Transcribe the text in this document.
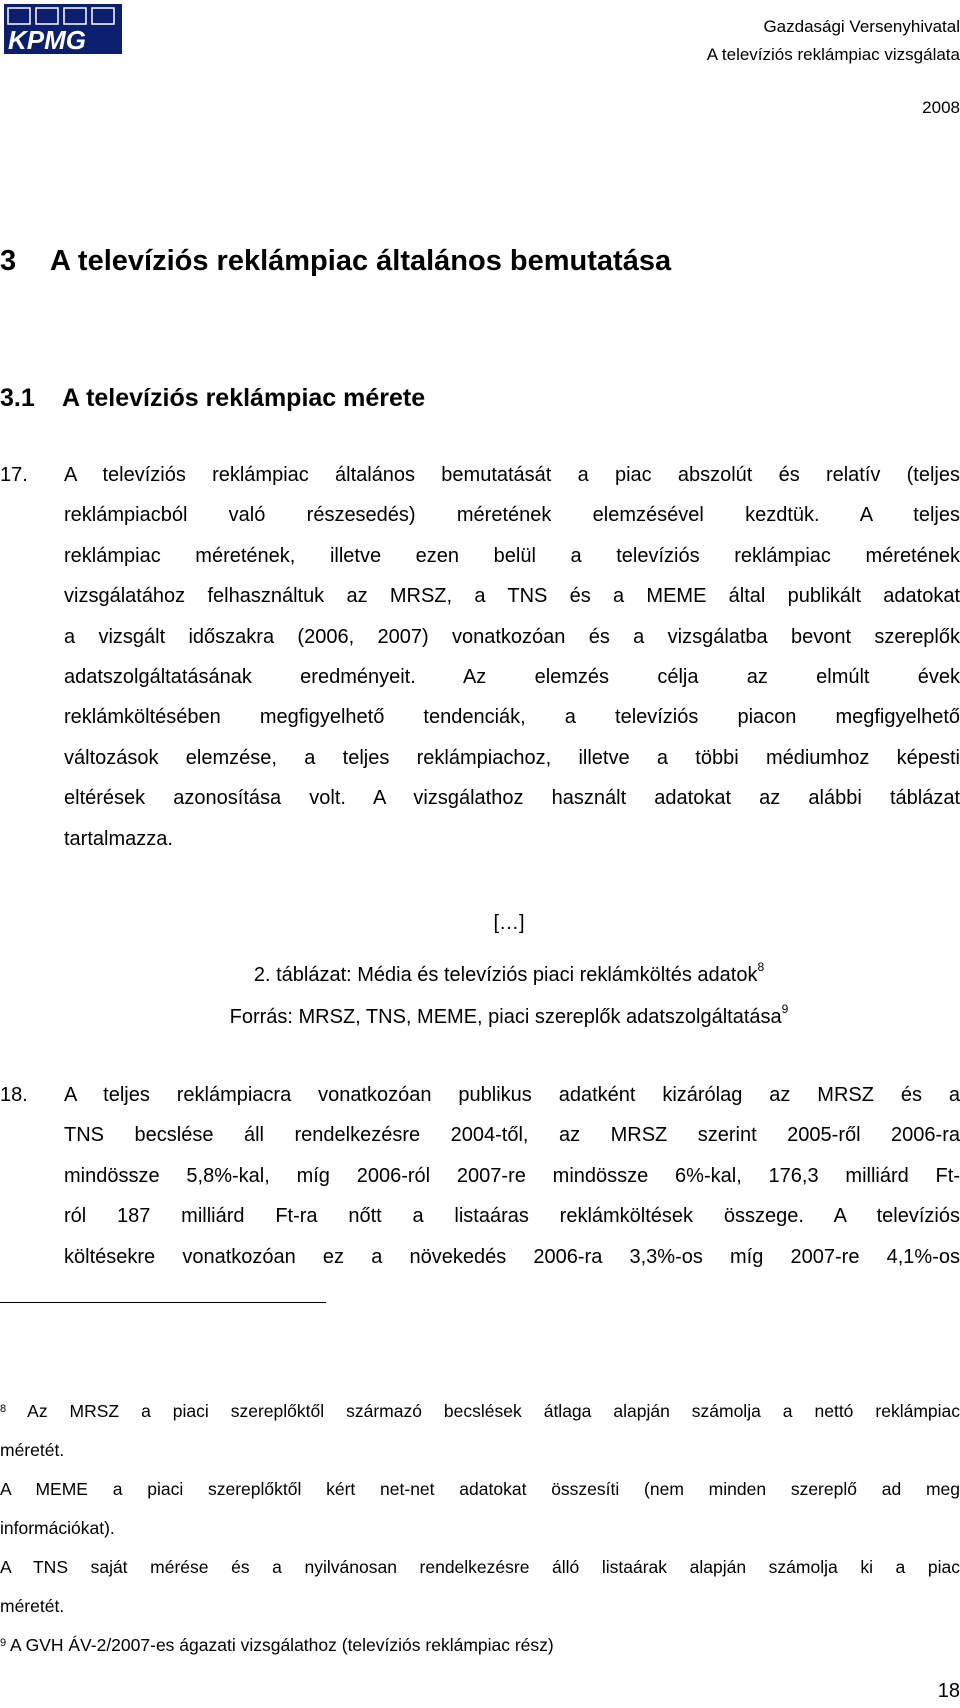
KPMG	Gazdasági Versenyhivatal
A televíziós reklámpiac vizsgálata
2008
3 A televíziós reklámpiac általános bemutatása
3.1 A televíziós reklámpiac mérete
17. A televíziós reklámpiac általános bemutatását a piac abszolút és relatív (teljes
reklámpiacból való részesedés) méretének elemzésével kezdtük. A teljes
reklámpiac méretének, illetve ezen belül a televíziós reklámpiac méretének
vizsgálatához felhasználtuk az MRSZ, a TNS és a MEME által publikált adatokat
a vizsgált időszakra (2006, 2007) vonatkozóan és a vizsgálatba bevont szereplők
adatszolgáltatásának eredményeit. Az elemzés célja az elmúlt évek
reklámköltésében megfigyelhető tendenciák, a televíziós piacon megfigyelhető
változások elemzése, a teljes reklámpiachoz, illetve a többi médiumhoz képesti
eltérések azonosítása volt. A vizsgálathoz használt adatokat az alábbi táblázat
tartalmazza.
[…]
2. táblázat: Média és televíziós piaci reklámköltés adatok$^8$
Forrás: MRSZ, TNS, MEME, piaci szereplők adatszolgáltatása$^9$
18. A teljes reklámpiacra vonatkozóan publikus adatként kizárólag az MRSZ és a
TNS becslése áll rendelkezésre 2004-től, az MRSZ szerint 2005-ről 2006-ra
mindössze 5,8%-kal, míg 2006-ról 2007-re mindössze 6%-kal, 176,3 milliárd Ft-
ról 187 milliárd Ft-ra nőtt a listaáras reklámköltések összege. A televíziós
költésekre vonatkozóan ez a növekedés 2006-ra 3,3%-os míg 2007-re 4,1%-os
$^8$ Az MRSZ a piaci szereplőktől származó becslések átlaga alapján számolja a nettó reklámpiac
méretét.
A MEME a piaci szereplőktől kért net-net adatokat összesíti (nem minden szereplő ad meg
információkat).
A TNS saját mérése és a nyilvánosan rendelkezésre álló listaárak alapján számolja ki a piac
méretét.
$^9$ A GVH ÁV-2/2007-es ágazati vizsgálathoz (televíziós reklámpiac rész)
18
